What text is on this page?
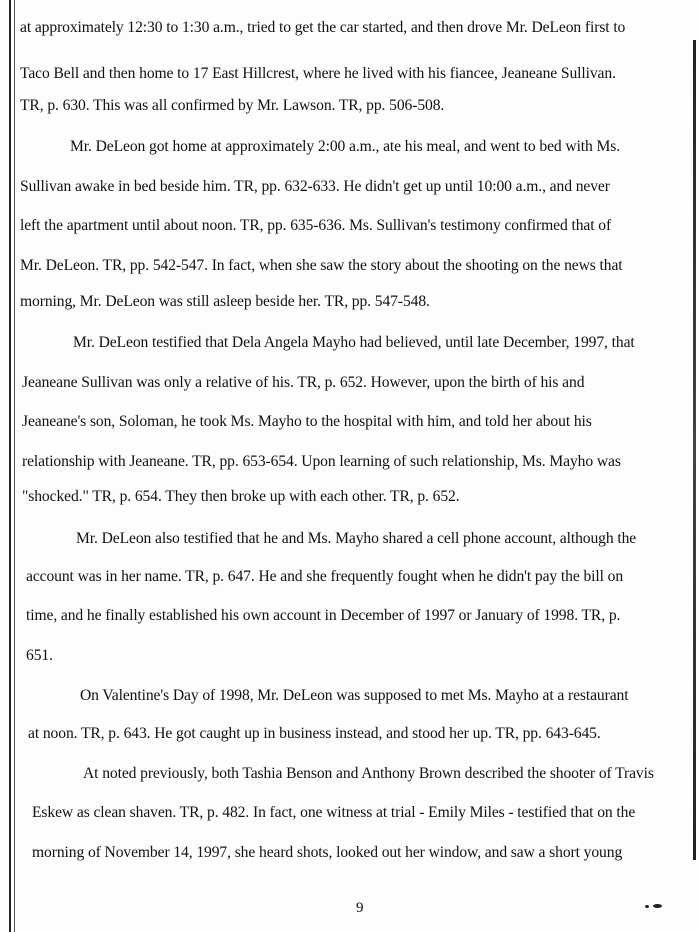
at approximately 12:30 to 1:30 a.m., tried to get the car started, and then drove Mr. DeLeon first to
Taco Bell and then home to 17 East Hillcrest, where he lived with his fiancee, Jeaneane Sullivan.
TR, p. 630. This was all confirmed by Mr. Lawson. TR, pp. 506-508.
Mr. DeLeon got home at approximately 2:00 a.m., ate his meal, and went to bed with Ms.
Sullivan awake in bed beside him. TR, pp. 632-633. He didn't get up until 10:00 a.m., and never
left the apartment until about noon. TR, pp. 635-636. Ms. Sullivan's testimony confirmed that of
Mr. DeLeon. TR, pp. 542-547. In fact, when she saw the story about the shooting on the news that
morning, Mr. DeLeon was still asleep beside her. TR, pp. 547-548.
Mr. DeLeon testified that Dela Angela Mayho had believed, until late December, 1997, that
Jeaneane Sullivan was only a relative of his. TR, p. 652. However, upon the birth of his and
Jeaneane's son, Soloman, he took Ms. Mayho to the hospital with him, and told her about his
relationship with Jeaneane. TR, pp. 653-654. Upon learning of such relationship, Ms. Mayho was
"shocked." TR, p. 654. They then broke up with each other. TR, p. 652.
Mr. DeLeon also testified that he and Ms. Mayho shared a cell phone account, although the
account was in her name. TR, p. 647. He and she frequently fought when he didn't pay the bill on
time, and he finally established his own account in December of 1997 or January of 1998. TR, p.
651.
On Valentine's Day of 1998, Mr. DeLeon was supposed to met Ms. Mayho at a restaurant
at noon. TR, p. 643. He got caught up in business instead, and stood her up. TR, pp. 643-645.
At noted previously, both Tashia Benson and Anthony Brown described the shooter of Travis
Eskew as clean shaven. TR, p. 482. In fact, one witness at trial - Emily Miles - testified that on the
morning of November 14, 1997, she heard shots, looked out her window, and saw a short young
9
